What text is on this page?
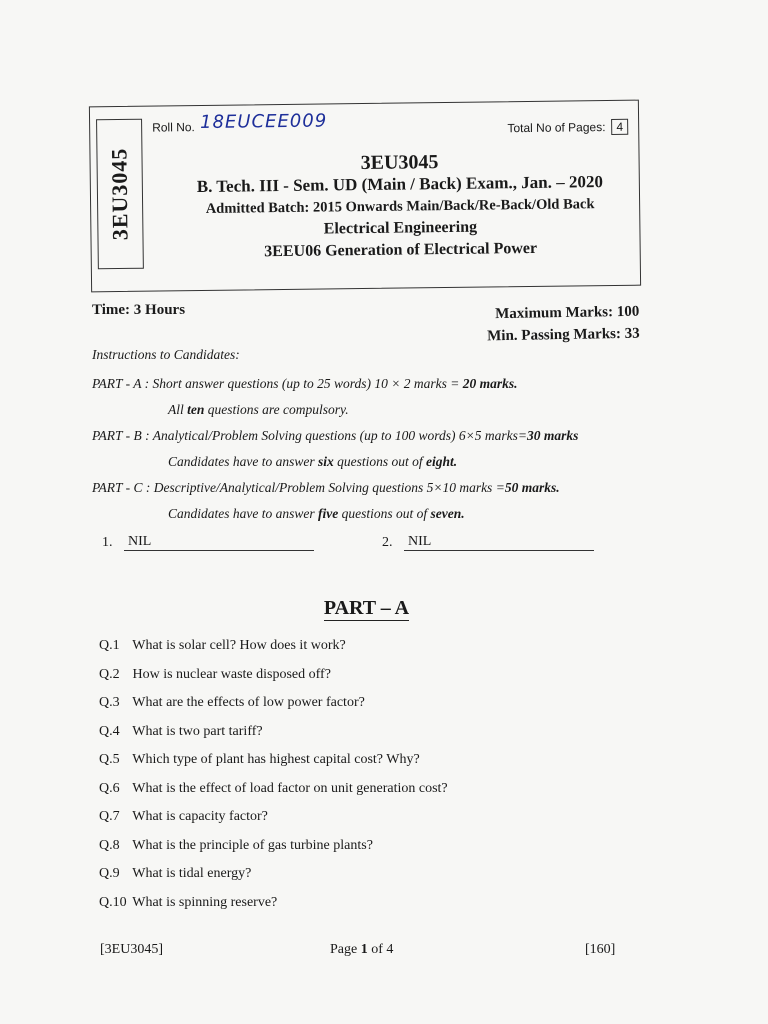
3EU3045
Roll No. 18EUCEE009	Total No of Pages: 4
3EU3045
B. Tech. III - Sem. UD (Main / Back) Exam., Jan. – 2020
Admitted Batch: 2015 Onwards Main/Back/Re-Back/Old Back
Electrical Engineering
3EEU06 Generation of Electrical Power
Time: 3 Hours	Maximum Marks: 100
Min. Passing Marks: 33
Instructions to Candidates:
PART - A : Short answer questions (up to 25 words) 10 × 2 marks = 20 marks.
All ten questions are compulsory.
PART - B : Analytical/Problem Solving questions (up to 100 words) 6×5 marks=30 marks
Candidates have to answer six questions out of eight.
PART - C : Descriptive/Analytical/Problem Solving questions 5×10 marks =50 marks.
Candidates have to answer five questions out of seven.
1. NIL	2. NIL
PART – A
Q.1 What is solar cell? How does it work?
Q.2 How is nuclear waste disposed off?
Q.3 What are the effects of low power factor?
Q.4 What is two part tariff?
Q.5 Which type of plant has highest capital cost? Why?
Q.6 What is the effect of load factor on unit generation cost?
Q.7 What is capacity factor?
Q.8 What is the principle of gas turbine plants?
Q.9 What is tidal energy?
Q.10 What is spinning reserve?
[3EU3045]	Page 1 of 4	[160]
